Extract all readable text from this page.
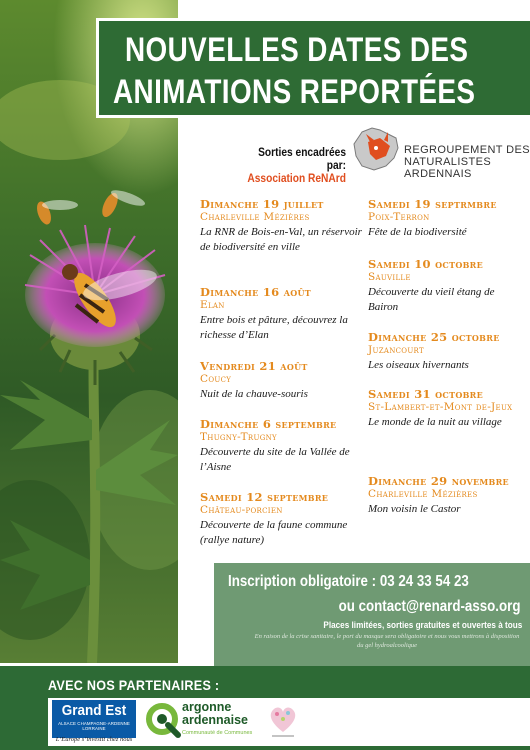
NOUVELLES DATES DES
ANIMATIONS REPORTÉES
Sorties encadrées par:
Association ReNArd
REGROUPEMENT DES
NATURALISTES
ARDENNAIS
Dimanche 19 juillet
Charleville Mézières
La RNR de Bois-en-Val, un réservoir de biodiversité en ville
Dimanche 16 août
Elan
Entre bois et pâture, découvrez la richesse d’Elan
Vendredi 21 août
Coucy
Nuit de la chauve-souris
Dimanche 6 septembre
Thugny-Trugny
Découverte du site de la Vallée de l’Aisne
Samedi 12 septembre
Château-porcien
Découverte de la faune commune (rallye nature)
Samedi 19 septrmbre
Poix-Terron
Fête de la biodiversité
Samedi 10 octobre
Sauville
Découverte du vieil étang de Bairon
Dimanche 25 octobre
Juzancourt
Les oiseaux hivernants
Samedi 31 octobre
St-Lambert-et-Mont de-Jeux
Le monde de la nuit au village
Dimanche 29 novembre
Charleville Mézières
Mon voisin le Castor
Inscription obligatoire : 03 24 33 54 23
ou contact@renard-asso.org
Places limitées, sorties gratuites et ouvertes à tous
En raison de la crise sanitaire, le port du masque sera obligatoire et nous vous mettrons à disposition du gel hydroalcoolique
AVEC NOS PARTENAIRES :
Grand Est
ALSACE CHAMPAGNE-ARDENNE LORRAINE
L’Europe s’investit chez nous
argonne
ardennaise
Communauté de Communes
